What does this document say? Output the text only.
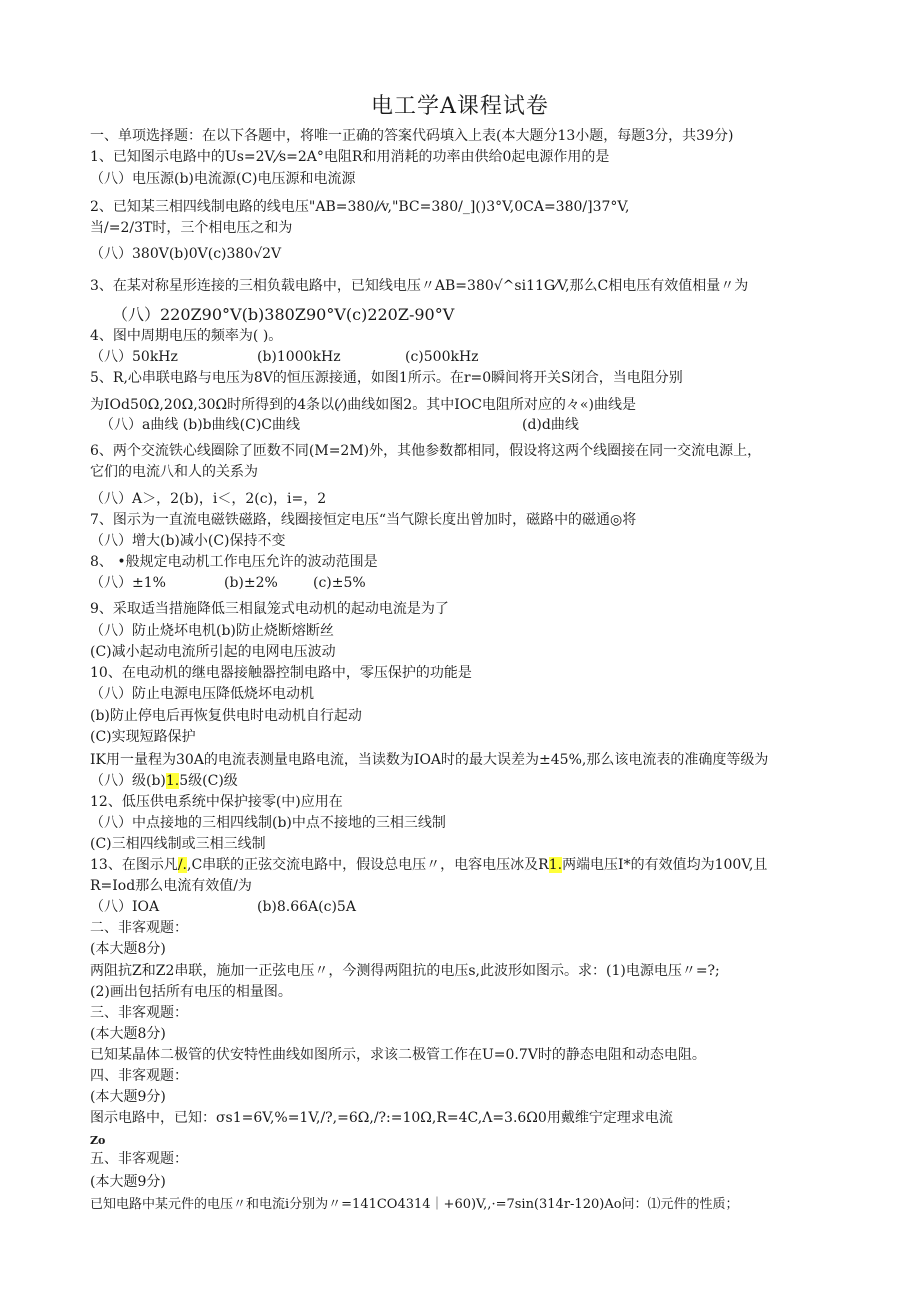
电工学A课程试卷
一、单项选择题：在以下各题中，将唯一正确的答案代码填入上表(本大题分13小题，每题3分，共39分)
1、已知图示电路中的Us=2V,⁄s=2A°电阻R和用消耗的功率由供给0起电源作用的是
（八）电压源(b)电流源(C)电压源和电流源
2、已知某三相四线制电路的线电压"AB=380/⁄v,"BC=380/_]()3°V,0CA=380/]37°V,
当/=2/3T时，三个相电压之和为
（八）380V(b)0V(c)380√2V
3、在某对称星形连接的三相负载电路中，已知线电压〃AB=380√^si11G⁄V,那么C相电压有效值相量〃为
（八）220Z90°V(b)380Z90°V(c)220Z-90°V
4、图中周期电压的频率为( )。
（八）50kHz	(b)1000kHz	(c)500kHz
5、R,心串联电路与电压为8V的恒压源接通，如图1所示。在r=0瞬间将开关S闭合，当电阻分别
为IOd50Ω,20Ω,30Ω时所得到的4条以(⁄)曲线如图2。其中IOC电阻所对应的々«)曲线是
（八）a曲线 (b)b曲线(C)C曲线	(d)d曲线
6、两个交流铁心线圈除了匝数不同(M=2M)外，其他参数都相同，假设将这两个线圈接在同一交流电源上，
它们的电流八和人的关系为
（八）A＞，2(b)，i＜，2(c)，i=，2
7、图示为一直流电磁铁磁路，线圈接恒定电压“当气隙长度出曾加时，磁路中的磁通◎将
（八）增大(b)减小(C)保持不变
8、 •般规定电动机工作电压允许的波动范围是
（八）±1%	(b)±2%	(c)±5%
9、采取适当措施降低三相鼠笼式电动机的起动电流是为了
（八）防止烧坏电机(b)防止烧断熔断丝
(C)减小起动电流所引起的电网电压波动
10、在电动机的继电器接触器控制电路中，零压保护的功能是
（八）防止电源电压降低烧坏电动机
(b)防止停电后再恢复供电时电动机自行起动
(C)实现短路保护
IK用一量程为30A的电流表测量电路电流，当读数为IOA时的最大误差为±45%,那么该电流表的准确度等级为
（八）级(b)1.5级(C)级
12、低压供电系统中保护接零(中)应用在
（八）中点接地的三相四线制(b)中点不接地的三相三线制
(C)三相四线制或三相三线制
13、在图示凡/.,C串联的正弦交流电路中，假设总电压〃，电容电压冰及R1.两端电压I*的有效值均为100V,且
R=Iod那么电流有效值/为
（八）IOA	(b)8.66A(c)5A
二、非客观题：
(本大题8分)
两阻抗Z和Z2串联，施加一正弦电压〃，今测得两阻抗的电压s,此波形如图示。求：(1)电源电压〃=?;
(2)画出包括所有电压的相量图。
三、非客观题：
(本大题8分)
已知某晶体二极管的伏安特性曲线如图所示，求该二极管工作在U=0.7V时的静态电阻和动态电阻。
四、非客观题：
(本大题9分)
图示电路中，已知：σs1=6V,%=1V,/?,=6Ω,/?:=10Ω,R=4C,Λ=3.6Ω0用戴维宁定理求电流
Zo
五、非客观题：
(本大题9分)
已知电路中某元件的电压〃和电流i分别为〃=141CO4314｜+60)V,,·=7sin(314r-120)Ao问：⑴元件的性质；
